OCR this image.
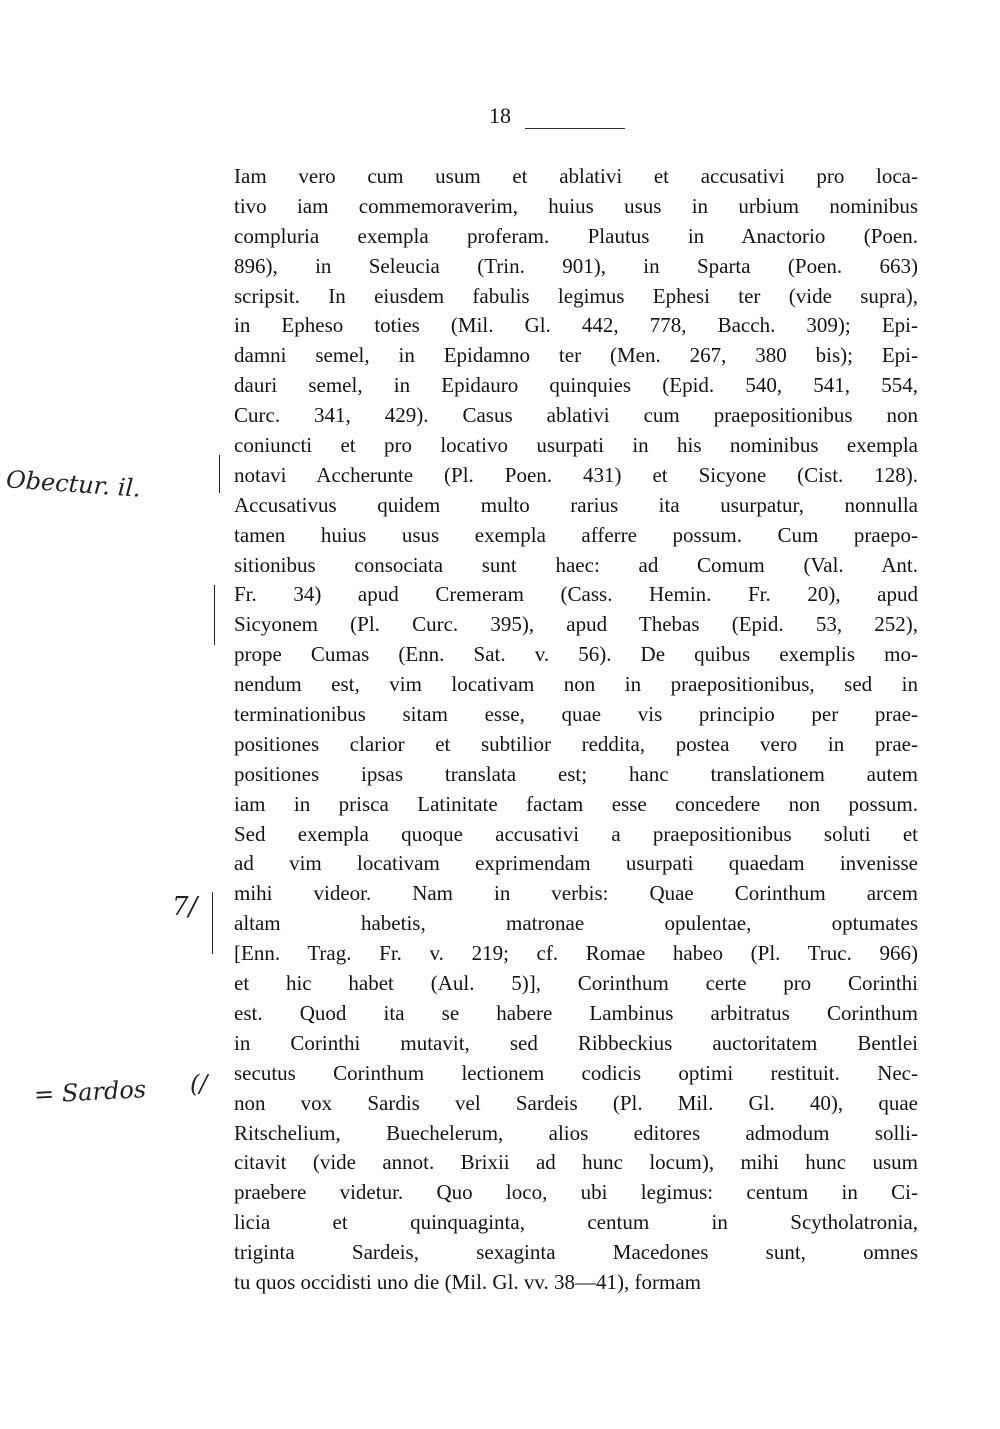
18
Iam vero cum usum et ablativi et accusativi pro loca-
tivo iam commemoraverim, huius usus in urbium nominibus
compluria exempla proferam. Plautus in Anactorio (Poen.
896), in Seleucia (Trin. 901), in Sparta (Poen. 663)
scripsit. In eiusdem fabulis legimus Ephesi ter (vide supra),
in Epheso toties (Mil. Gl. 442, 778, Bacch. 309); Epi-
damni semel, in Epidamno ter (Men. 267, 380 bis); Epi-
dauri semel, in Epidauro quinquies (Epid. 540, 541, 554,
Curc. 341, 429). Casus ablativi cum praepositionibus non
coniuncti et pro locativo usurpati in his nominibus exempla
notavi Accherunte (Pl. Poen. 431) et Sicyone (Cist. 128).
Accusativus quidem multo rarius ita usurpatur, nonnulla
tamen huius usus exempla afferre possum. Cum praepo-
sitionibus consociata sunt haec: ad Comum (Val. Ant.
Fr. 34) apud Cremeram (Cass. Hemin. Fr. 20), apud
Sicyonem (Pl. Curc. 395), apud Thebas (Epid. 53, 252),
prope Cumas (Enn. Sat. v. 56). De quibus exemplis mo-
nendum est, vim locativam non in praepositionibus, sed in
terminationibus sitam esse, quae vis principio per prae-
positiones clarior et subtilior reddita, postea vero in prae-
positiones ipsas translata est; hanc translationem autem
iam in prisca Latinitate factam esse concedere non possum.
Sed exempla quoque accusativi a praepositionibus soluti et
ad vim locativam exprimendam usurpati quaedam invenisse
mihi videor. Nam in verbis: Quae Corinthum arcem
altam habetis, matronae opulentae, optumates
[Enn. Trag. Fr. v. 219; cf. Romae habeo (Pl. Truc. 966)
et hic habet (Aul. 5)], Corinthum certe pro Corinthi
est. Quod ita se habere Lambinus arbitratus Corinthum
in Corinthi mutavit, sed Ribbeckius auctoritatem Bentlei
secutus Corinthum lectionem codicis optimi restituit. Nec-
non vox Sardis vel Sardeis (Pl. Mil. Gl. 40), quae
Ritschelium, Buechelerum, alios editores admodum solli-
citavit (vide annot. Brixii ad hunc locum), mihi hunc usum
praebere videtur. Quo loco, ubi legimus: centum in Ci-
licia et quinquaginta, centum in Scytholatronia,
triginta Sardeis, sexaginta Macedones sunt, omnes
tu quos occidisti uno die (Mil. Gl. vv. 38—41), formam
Obectur. il.
7/
= Sardos (/
